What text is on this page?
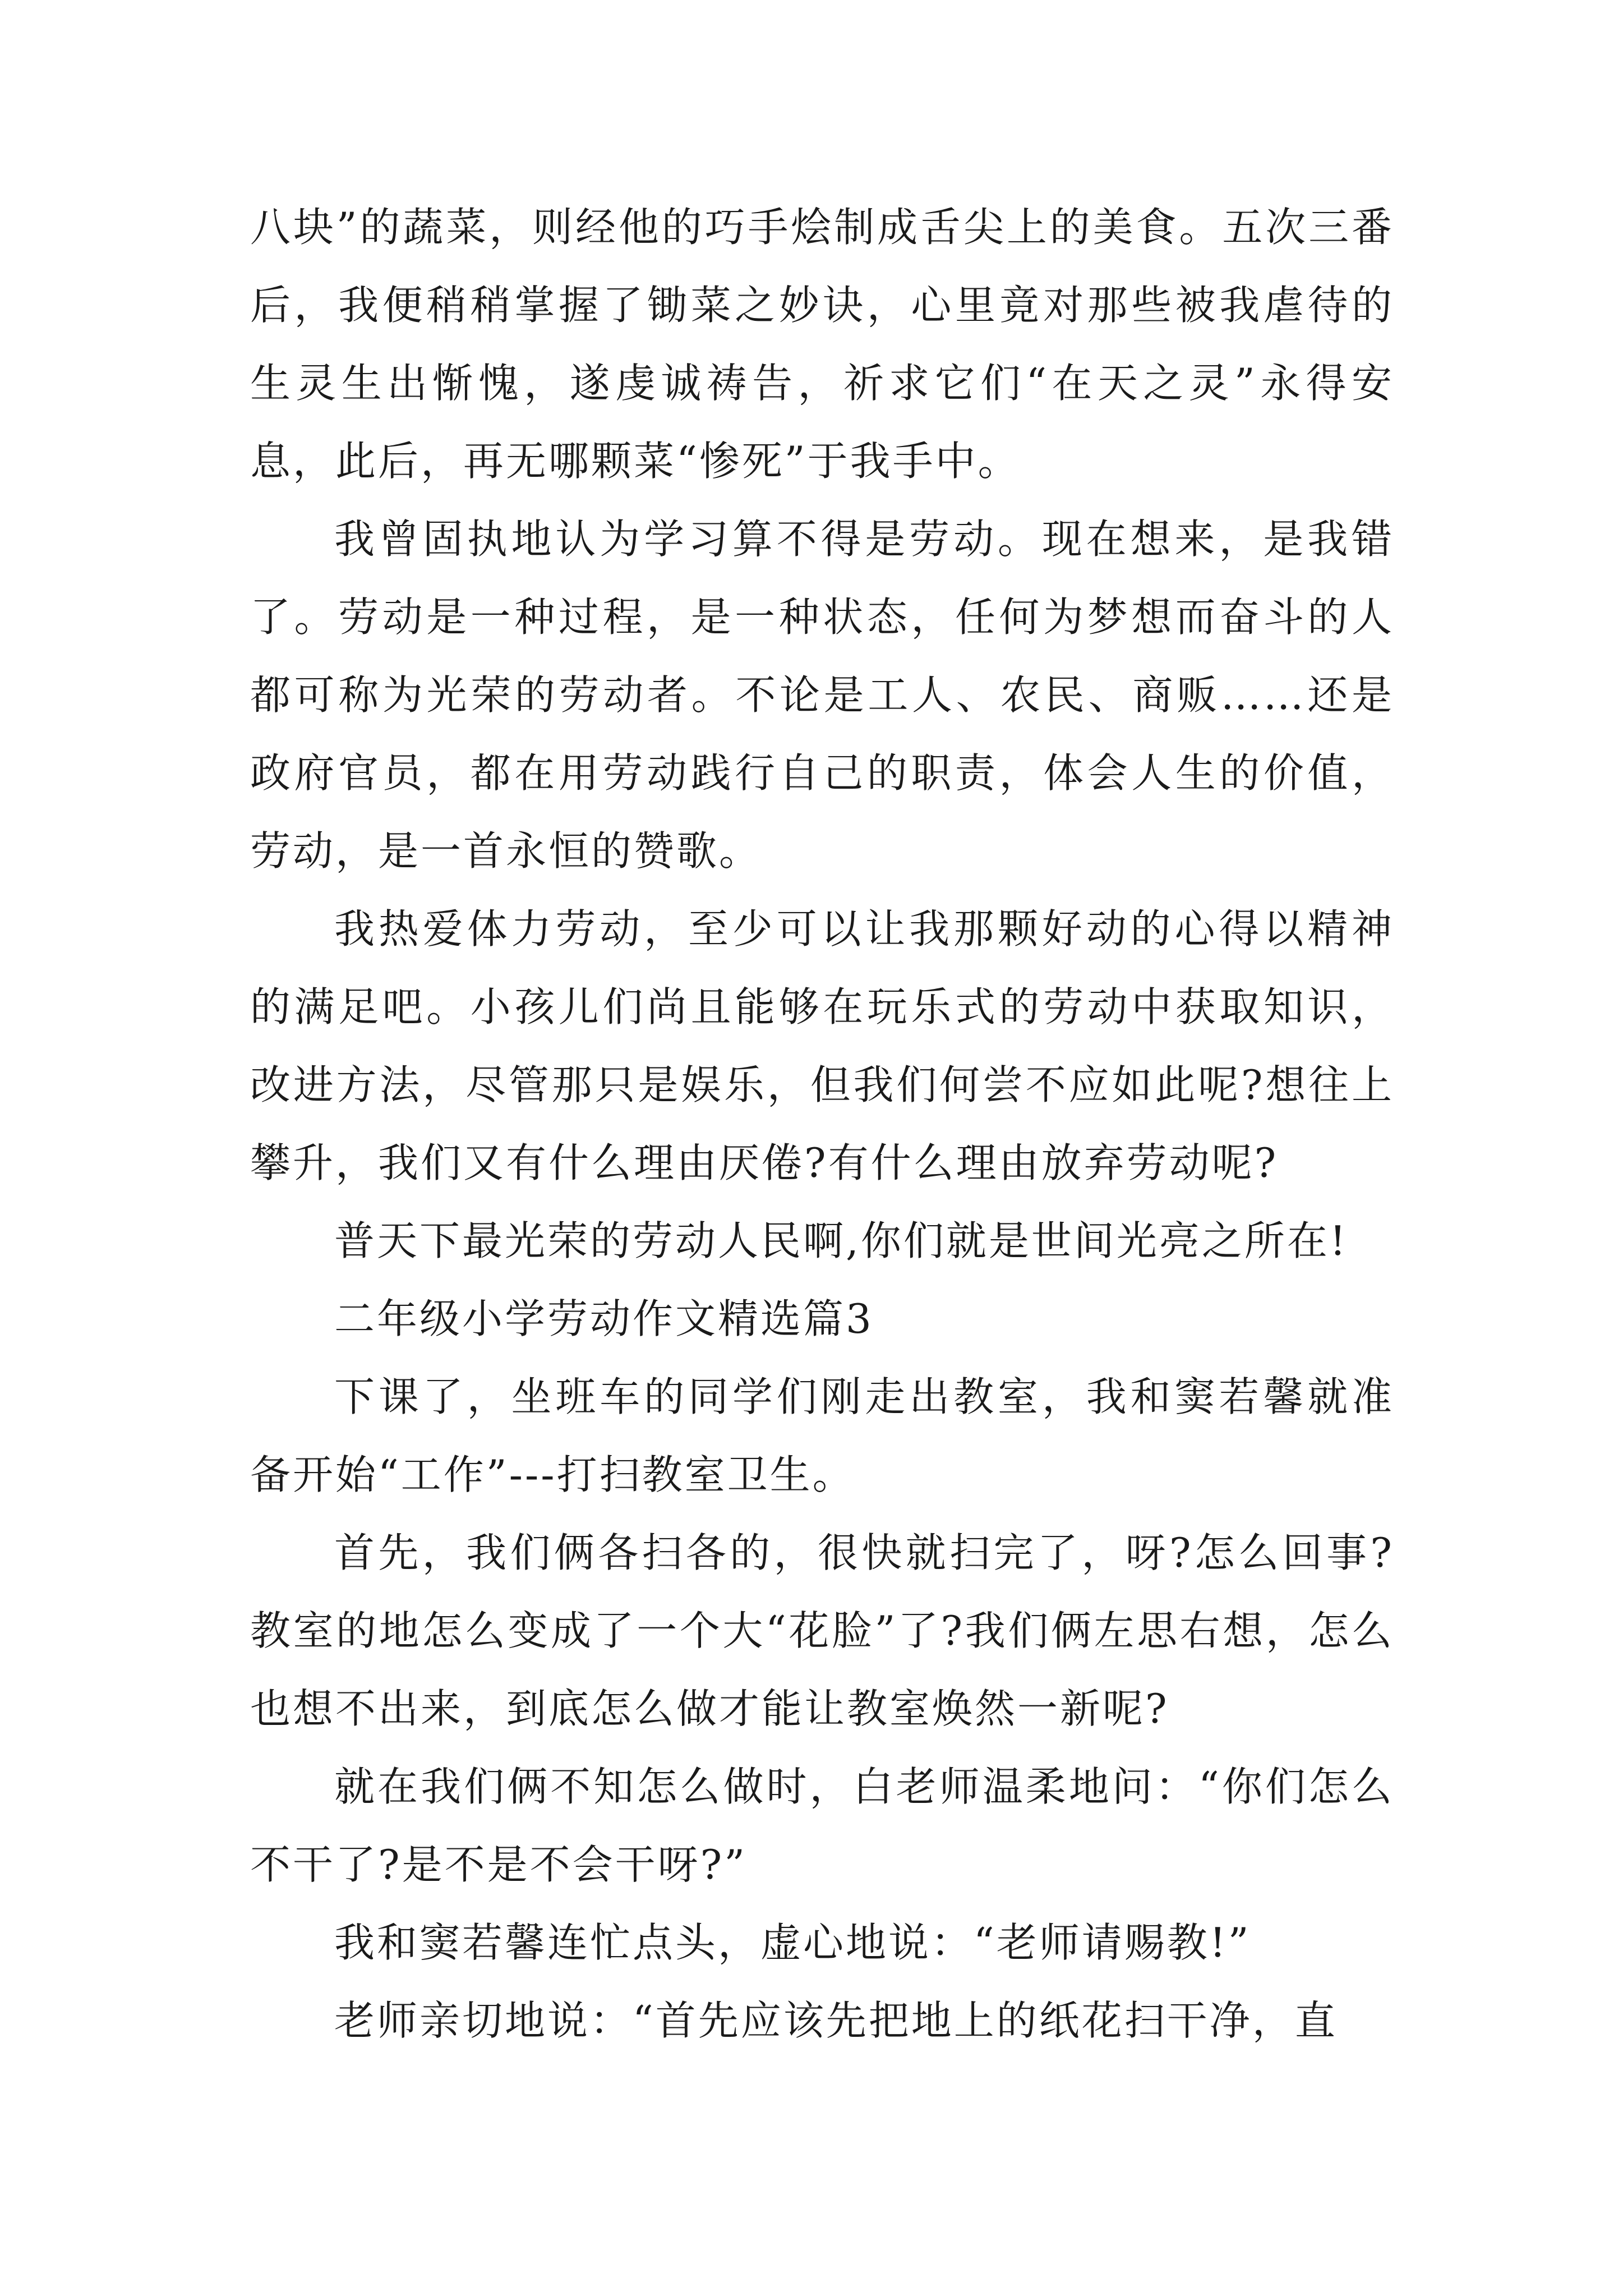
八块”的蔬菜，则经他的巧手烩制成舌尖上的美食。五次三番后，我便稍稍掌握了锄菜之妙诀，心里竟对那些被我虐待的生灵生出惭愧，遂虔诚祷告，祈求它们“在天之灵”永得安息，此后，再无哪颗菜“惨死”于我手中。

我曾固执地认为学习算不得是劳动。现在想来，是我错了。劳动是一种过程，是一种状态，任何为梦想而奋斗的人都可称为光荣的劳动者。不论是工人、农民、商贩……还是政府官员，都在用劳动践行自己的职责，体会人生的价值，劳动，是一首永恒的赞歌。

我热爱体力劳动，至少可以让我那颗好动的心得以精神的满足吧。小孩儿们尚且能够在玩乐式的劳动中获取知识，改进方法，尽管那只是娱乐，但我们何尝不应如此呢?想往上攀升，我们又有什么理由厌倦?有什么理由放弃劳动呢?

普天下最光荣的劳动人民啊,你们就是世间光亮之所在!

二年级小学劳动作文精选篇3

下课了，坐班车的同学们刚走出教室，我和窦若馨就准备开始“工作”---打扫教室卫生。

首先，我们俩各扫各的，很快就扫完了，呀?怎么回事?教室的地怎么变成了一个大“花脸”了?我们俩左思右想，怎么也想不出来，到底怎么做才能让教室焕然一新呢?

就在我们俩不知怎么做时，白老师温柔地问：“你们怎么不干了?是不是不会干呀?”

我和窦若馨连忙点头，虚心地说：“老师请赐教!”

老师亲切地说：“首先应该先把地上的纸花扫干净，直
